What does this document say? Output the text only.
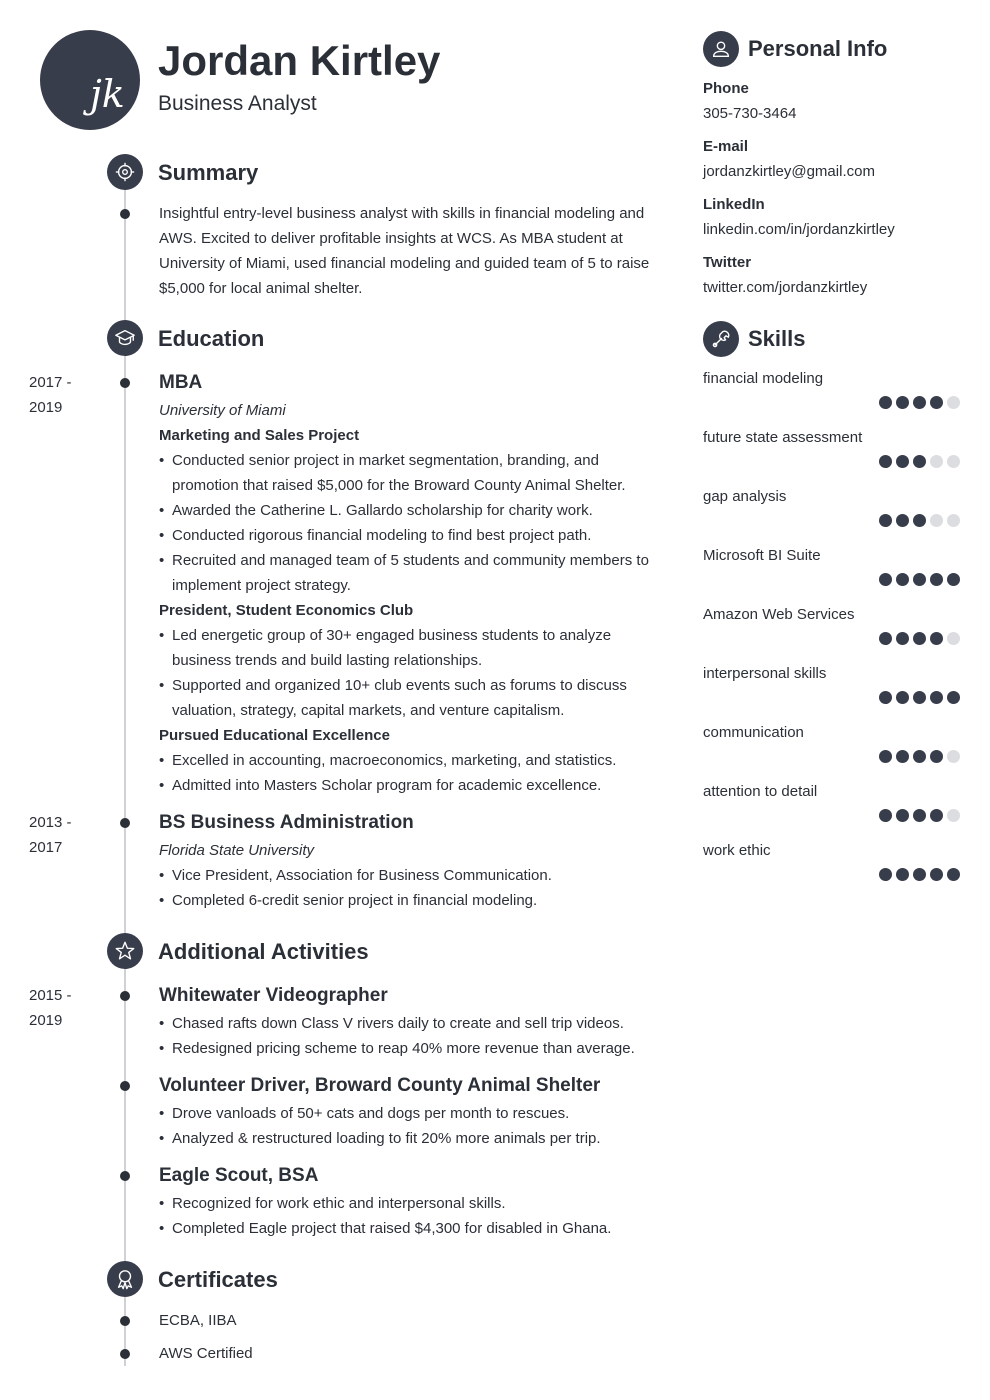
jk
Jordan Kirtley
Business Analyst
Summary
Insightful entry-level business analyst with skills in financial modeling and AWS. Excited to deliver profitable insights at WCS. As MBA student at University of Miami, used financial modeling and guided team of 5 to raise $5,000 for local animal shelter.
Education
2017 -
2019
MBA
University of Miami
Marketing and Sales Project
• Conducted senior project in market segmentation, branding, and promotion that raised $5,000 for the Broward County Animal Shelter.
• Awarded the Catherine L. Gallardo scholarship for charity work.
• Conducted rigorous financial modeling to find best project path.
• Recruited and managed team of 5 students and community members to implement project strategy.
President, Student Economics Club
• Led energetic group of 30+ engaged business students to analyze business trends and build lasting relationships.
• Supported and organized 10+ club events such as forums to discuss valuation, strategy, capital markets, and venture capitalism.
Pursued Educational Excellence
• Excelled in accounting, macroeconomics, marketing, and statistics.
• Admitted into Masters Scholar program for academic excellence.
2013 -
2017
BS Business Administration
Florida State University
• Vice President, Association for Business Communication.
• Completed 6-credit senior project in financial modeling.
Additional Activities
2015 -
2019
Whitewater Videographer
• Chased rafts down Class V rivers daily to create and sell trip videos.
• Redesigned pricing scheme to reap 40% more revenue than average.
Volunteer Driver, Broward County Animal Shelter
• Drove vanloads of 50+ cats and dogs per month to rescues.
• Analyzed & restructured loading to fit 20% more animals per trip.
Eagle Scout, BSA
• Recognized for work ethic and interpersonal skills.
• Completed Eagle project that raised $4,300 for disabled in Ghana.
Certificates
ECBA, IIBA
AWS Certified
Personal Info
Phone
305-730-3464
E-mail
jordanzkirtley@gmail.com
LinkedIn
linkedin.com/in/jordanzkirtley
Twitter
twitter.com/jordanzkirtley
Skills
financial modeling
future state assessment
gap analysis
Microsoft BI Suite
Amazon Web Services
interpersonal skills
communication
attention to detail
work ethic
